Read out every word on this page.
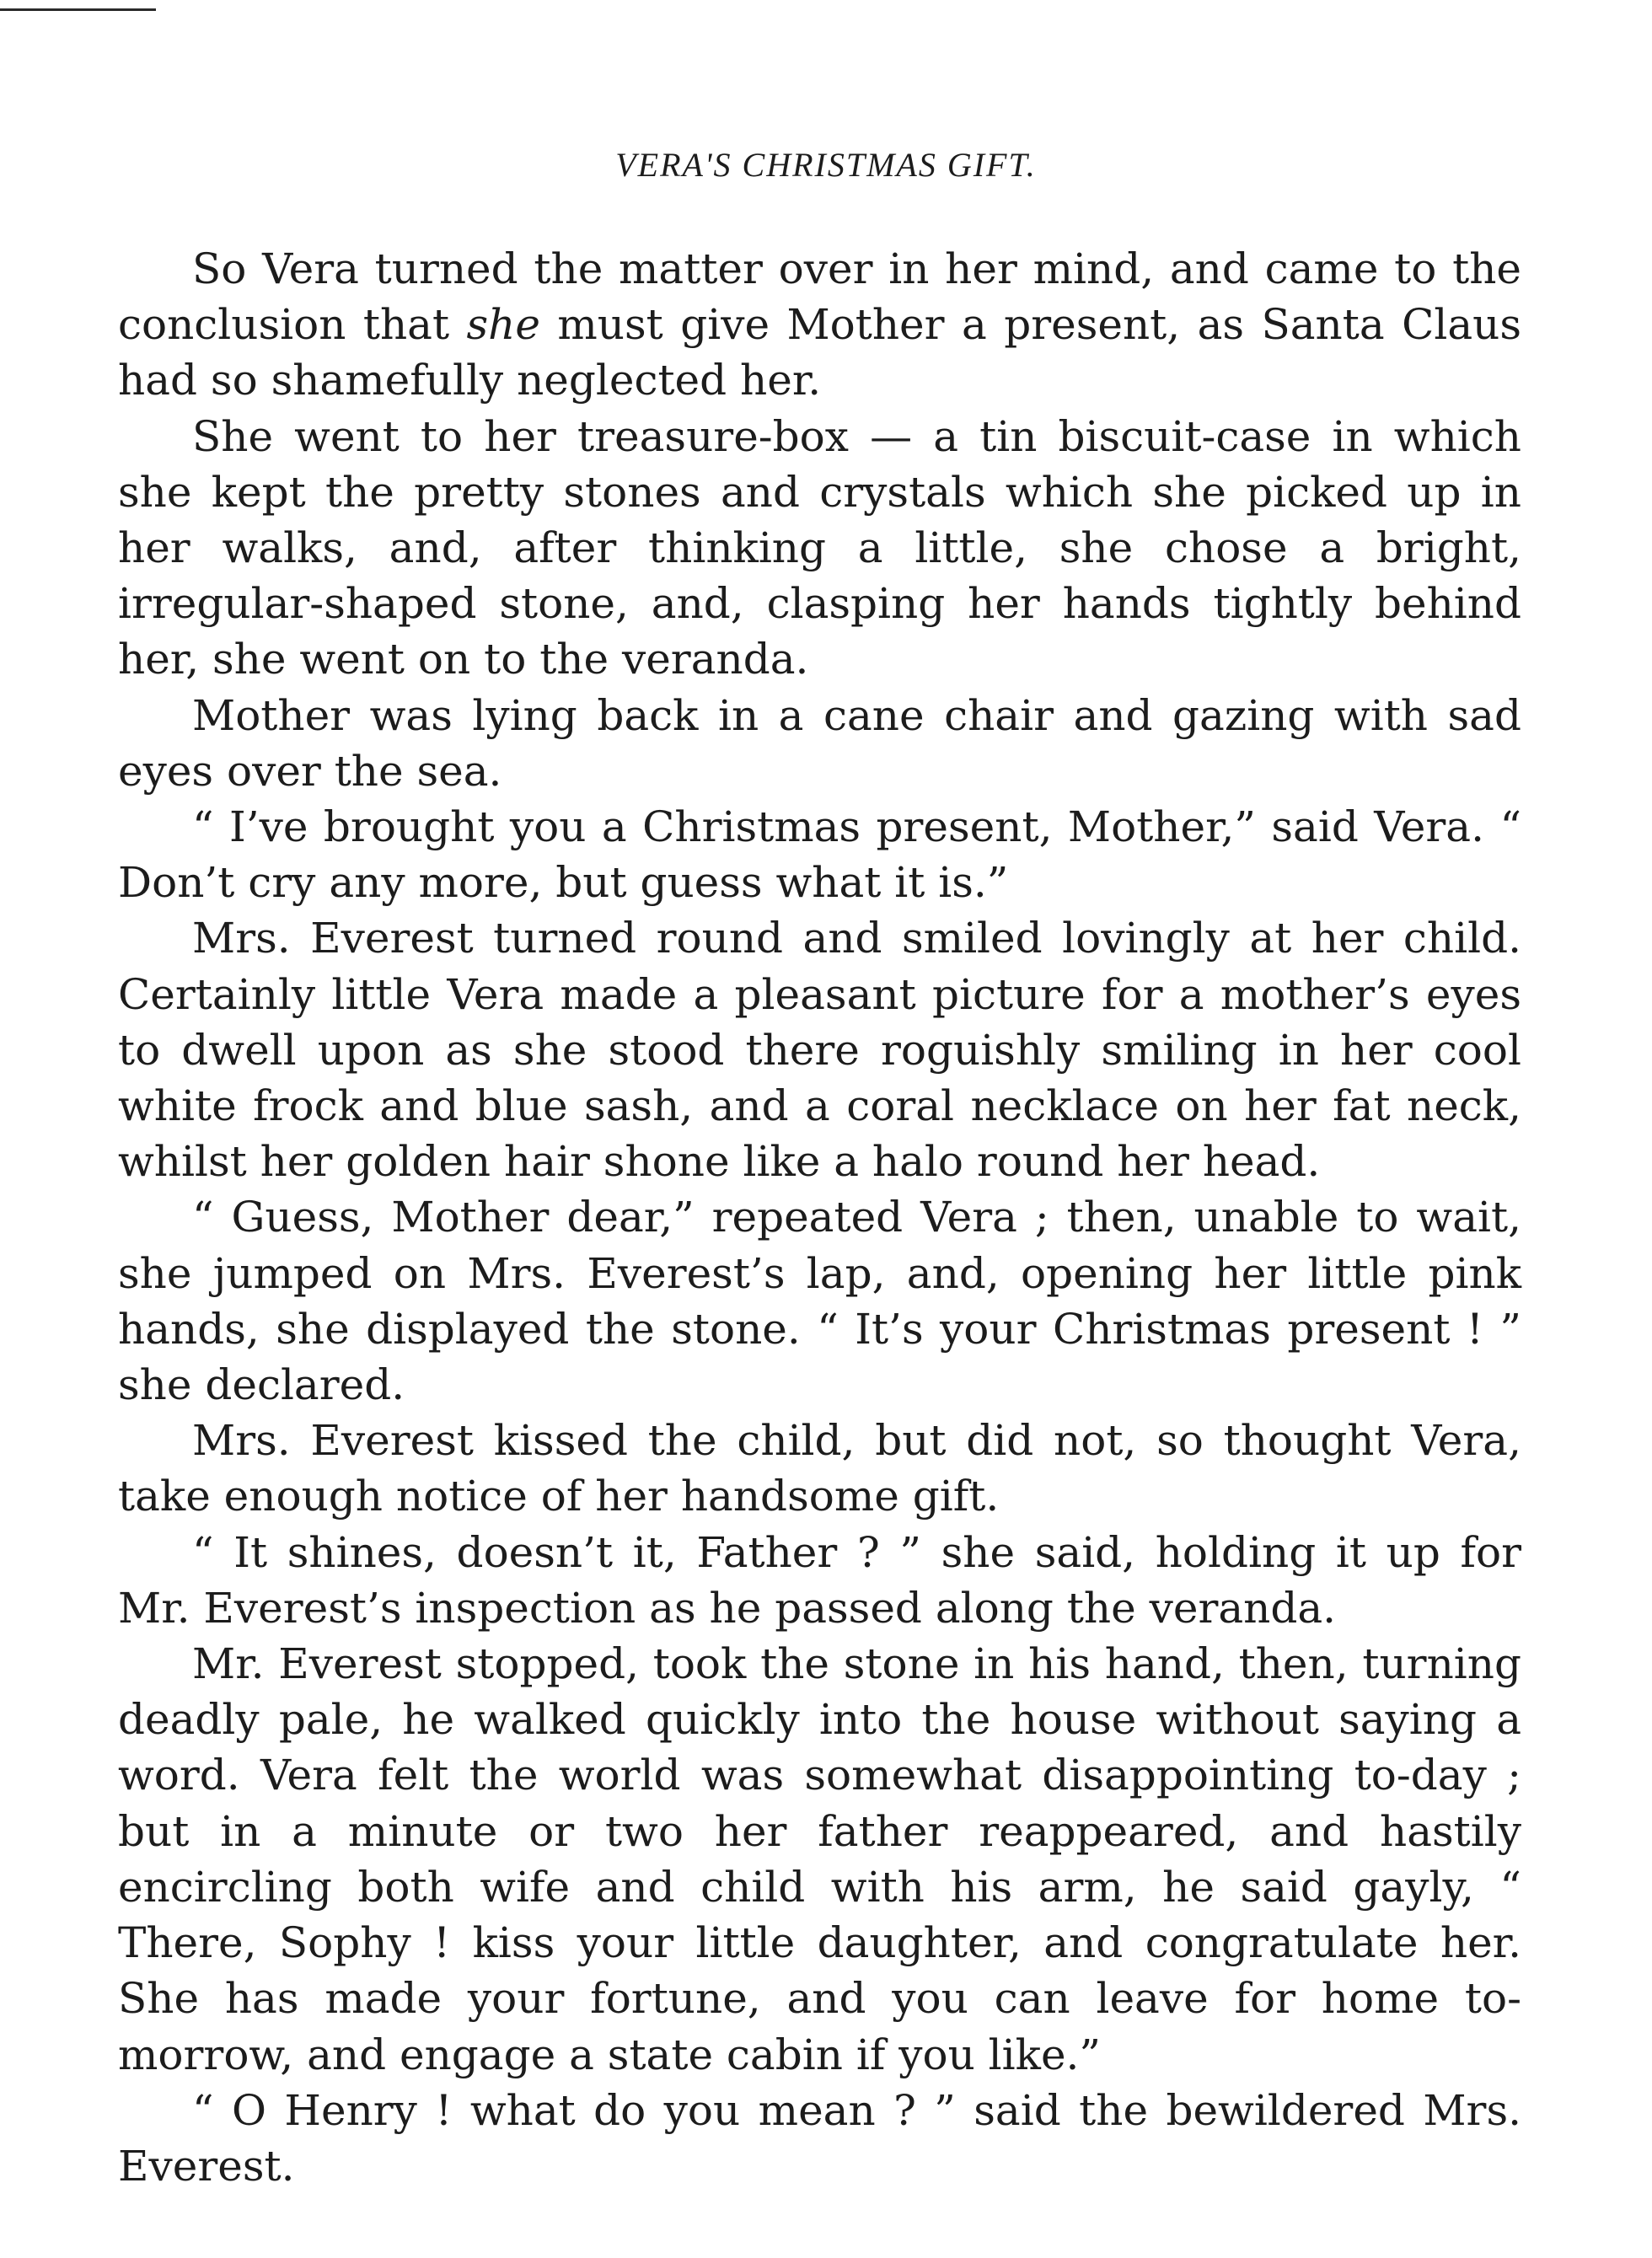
VERA'S CHRISTMAS GIFT.

So Vera turned the matter over in her mind, and came to the conclusion that she must give Mother a present, as Santa Claus had so shamefully neglected her.

She went to her treasure-box — a tin biscuit-case in which she kept the pretty stones and crystals which she picked up in her walks, and, after thinking a little, she chose a bright, irregular-shaped stone, and, clasping her hands tightly behind her, she went on to the veranda.

Mother was lying back in a cane chair and gazing with sad eyes over the sea.

“ I’ve brought you a Christmas present, Mother,” said Vera. “ Don’t cry any more, but guess what it is.”

Mrs. Everest turned round and smiled lovingly at her child. Certainly little Vera made a pleasant picture for a mother’s eyes to dwell upon as she stood there roguishly smiling in her cool white frock and blue sash, and a coral necklace on her fat neck, whilst her golden hair shone like a halo round her head.

“ Guess, Mother dear,” repeated Vera ; then, unable to wait, she jumped on Mrs. Everest’s lap, and, opening her little pink hands, she displayed the stone. “ It’s your Christmas present ! ” she declared.

Mrs. Everest kissed the child, but did not, so thought Vera, take enough notice of her handsome gift.

“ It shines, doesn’t it, Father ? ” she said, holding it up for Mr. Everest’s inspection as he passed along the veranda.

Mr. Everest stopped, took the stone in his hand, then, turning deadly pale, he walked quickly into the house without saying a word. Vera felt the world was somewhat disappointing to-day ; but in a minute or two her father reappeared, and hastily encircling both wife and child with his arm, he said gayly, “ There, Sophy ! kiss your little daughter, and congratulate her. She has made your fortune, and you can leave for home to-morrow, and engage a state cabin if you like.”

“ O Henry ! what do you mean ? ” said the bewildered Mrs. Everest.
